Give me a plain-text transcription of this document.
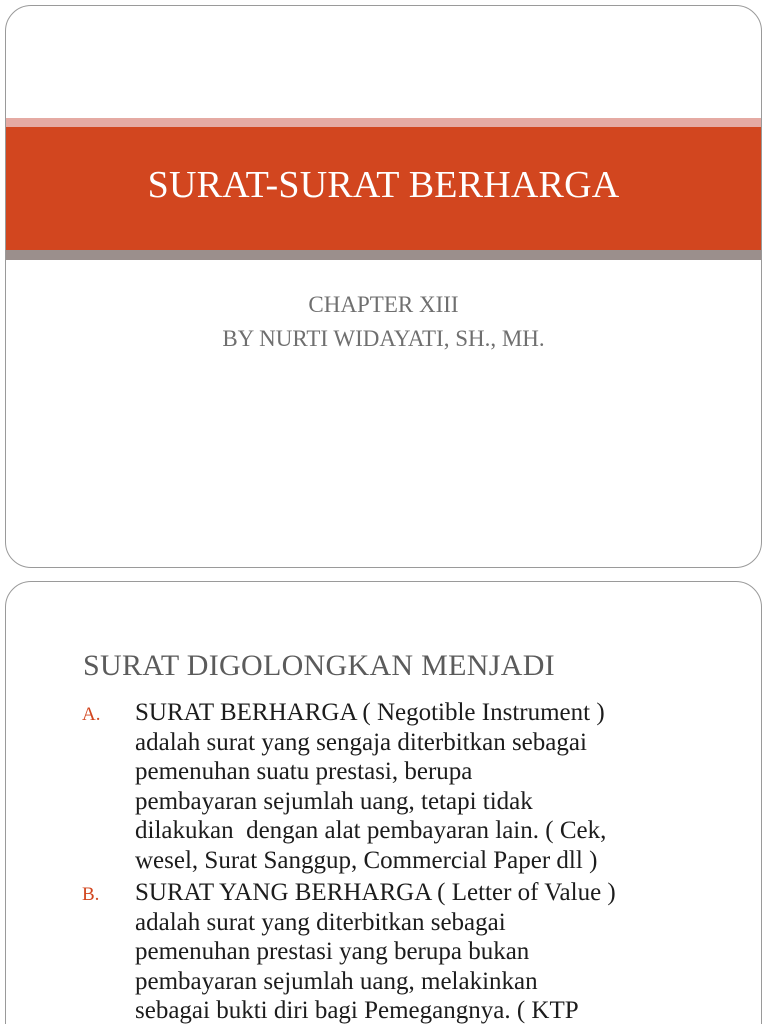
SURAT-SURAT BERHARGA
CHAPTER XIII
BY NURTI WIDAYATI, SH., MH.
SURAT DIGOLONGKAN MENJADI
A. SURAT BERHARGA ( Negotible Instrument )
adalah surat yang sengaja diterbitkan sebagai
pemenuhan suatu prestasi, berupa
pembayaran sejumlah uang, tetapi tidak
dilakukan  dengan alat pembayaran lain. ( Cek,
wesel, Surat Sanggup, Commercial Paper dll )
B. SURAT YANG BERHARGA ( Letter of Value )
adalah surat yang diterbitkan sebagai
pemenuhan prestasi yang berupa bukan
pembayaran sejumlah uang, melakinkan
sebagai bukti diri bagi Pemegangnya. ( KTP
